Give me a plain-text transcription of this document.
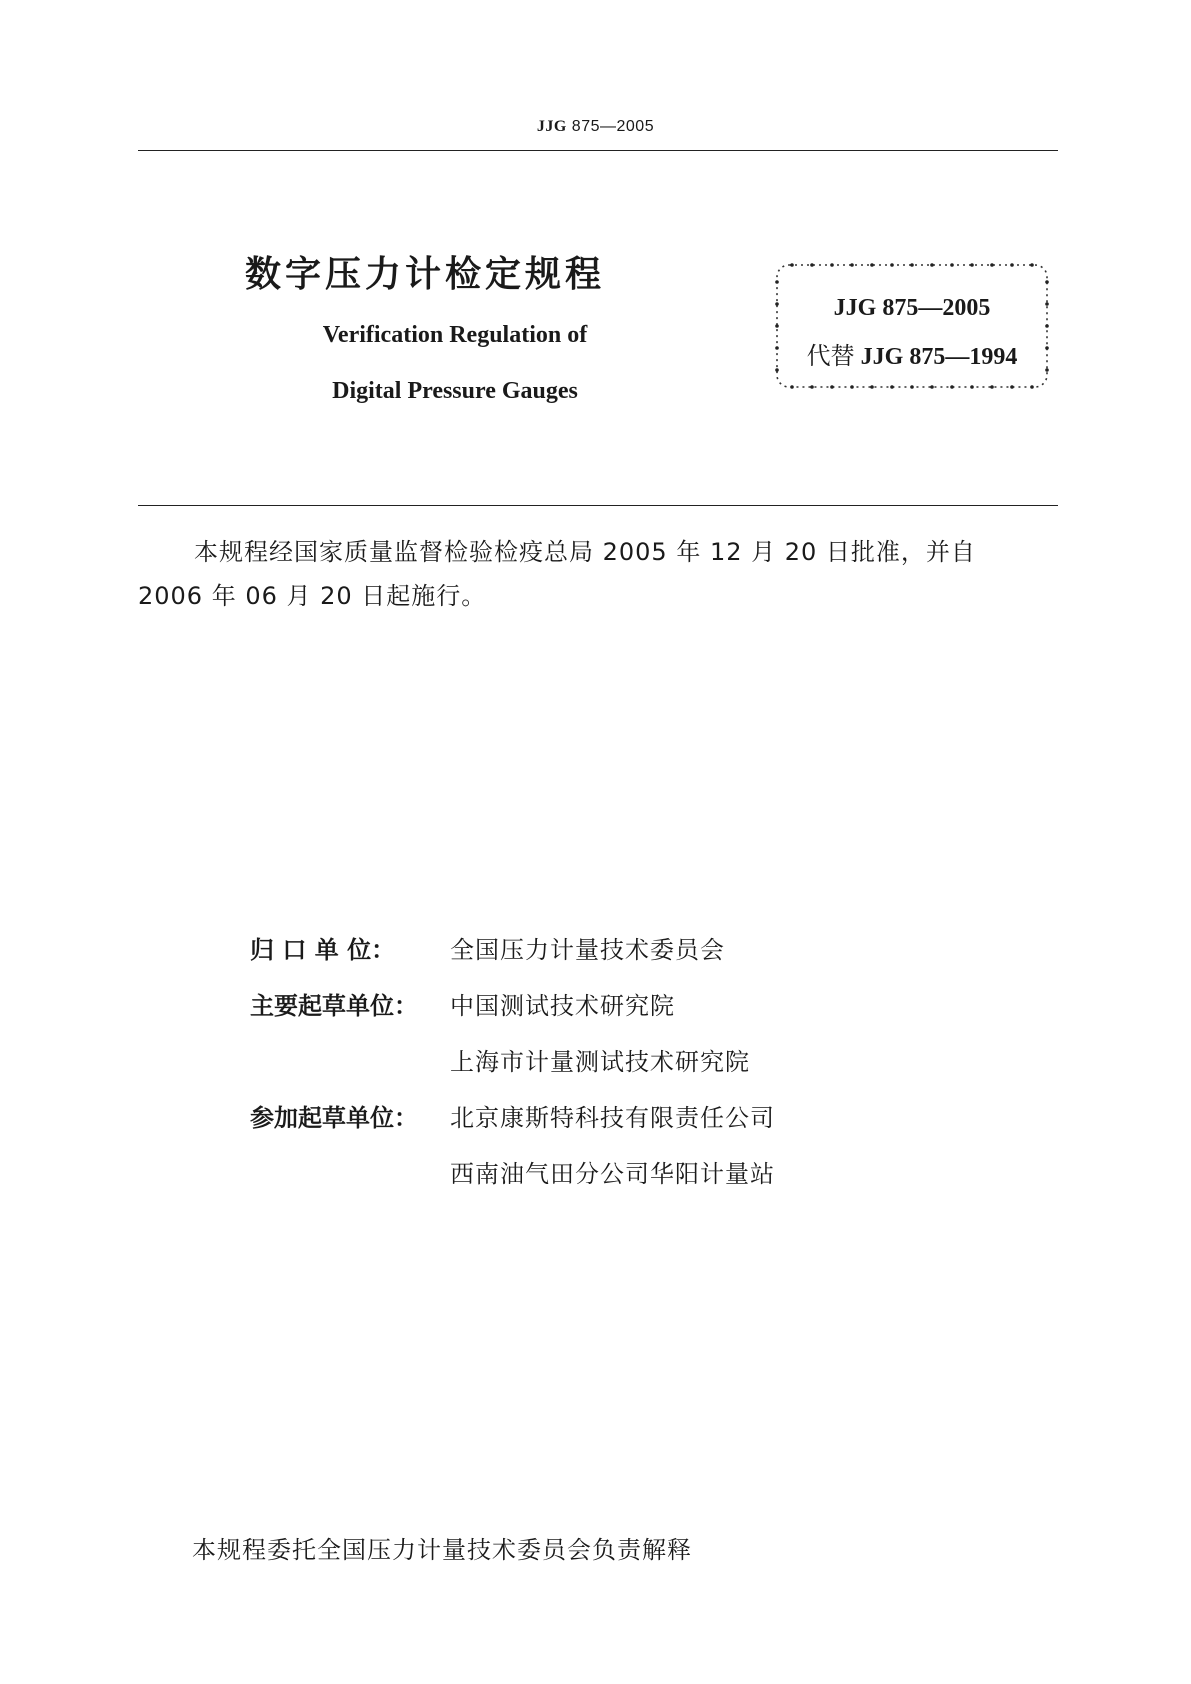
JJG 875—2005
数字压力计检定规程
Verification Regulation of
Digital Pressure Gauges
JJG 875—2005
代替 JJG 875—1994
本规程经国家质量监督检验检疫总局 2005 年 12 月 20 日批准，并自
2006 年 06 月 20 日起施行。
归 口 单 位：	全国压力计量技术委员会
主要起草单位：	中国测试技术研究院
上海市计量测试技术研究院
参加起草单位：	北京康斯特科技有限责任公司
西南油气田分公司华阳计量站
本规程委托全国压力计量技术委员会负责解释
